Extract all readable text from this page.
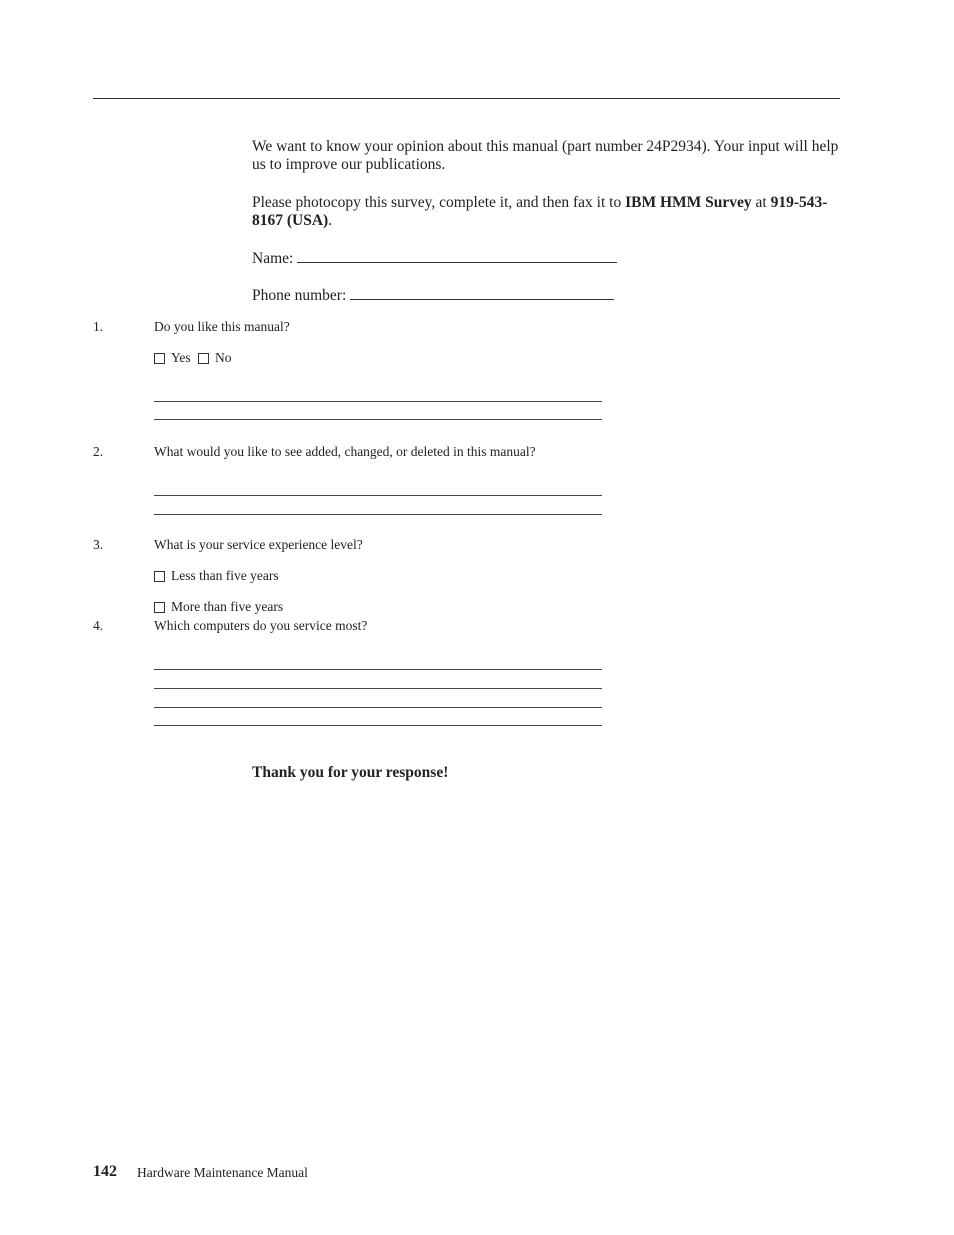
We want to know your opinion about this manual (part number 24P2934). Your input will help us to improve our publications.
Please photocopy this survey, complete it, and then fax it to IBM HMM Survey at 919-543-8167 (USA).
Name:
Phone number:
1.	Do you like this manual?
Yes No
2.	What would you like to see added, changed, or deleted in this manual?
3.	What is your service experience level?
Less than five years
More than five years
4.	Which computers do you service most?
Thank you for your response!
142 Hardware Maintenance Manual
